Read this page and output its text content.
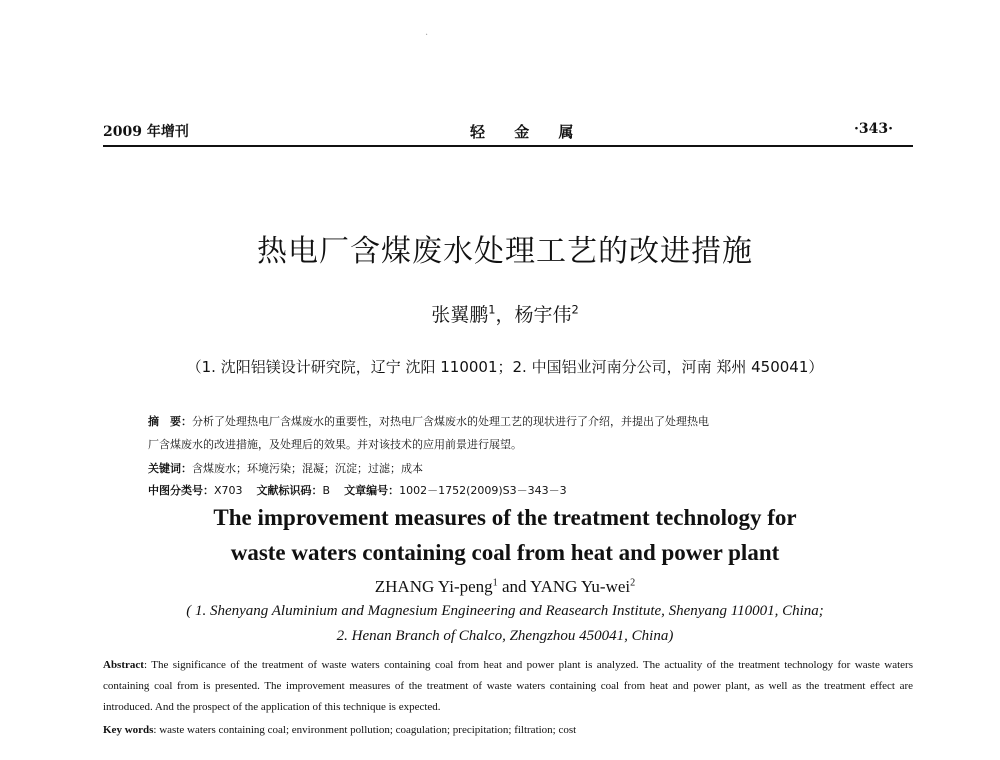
·
2009 年增刊	轻 金 属	·343·
热电厂含煤废水处理工艺的改进措施
张翼鹏$^1$，杨宇伟$^2$
（1. 沈阳铝镁设计研究院，辽宁 沈阳 110001；2. 中国铝业河南分公司，河南 郑州 450041）
摘　要：分析了处理热电厂含煤废水的重要性，对热电厂含煤废水的处理工艺的现状进行了介绍，并提出了处理热电
厂含煤废水的改进措施，及处理后的效果。并对该技术的应用前景进行展望。
关键词：含煤废水；环境污染；混凝；沉淀；过滤；成本
中图分类号：X703 文献标识码：B 文章编号：1002－1752(2009)S3－343－3
The improvement measures of the treatment technology for
waste waters containing coal from heat and power plant
ZHANG Yi-peng$^1$ and YANG Yu-wei$^2$
( 1. Shenyang Aluminium and Magnesium Engineering and Reasearch Institute, Shenyang 110001, China;
2. Henan Branch of Chalco, Zhengzhou 450041, China)
Abstract: The significance of the treatment of waste waters containing coal from heat and power plant is analyzed. The actuality of the treatment technology for waste waters containing coal from is presented. The improvement measures of the treatment of waste waters containing coal from heat and power plant, as well as the treatment effect are introduced. And the prospect of the application of this technique is expected.
Key words: waste waters containing coal; environment pollution; coagulation; precipitation; filtration; cost
